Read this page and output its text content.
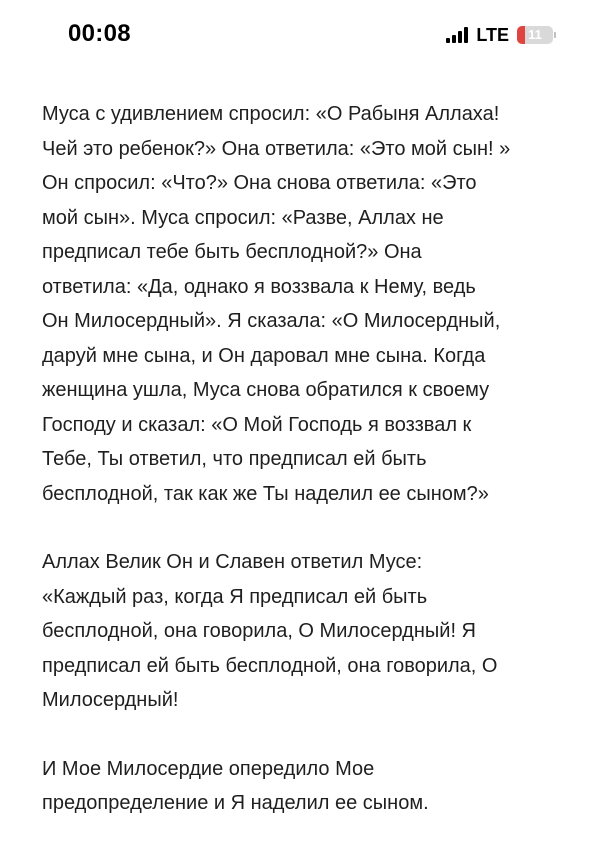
00:08	LTE	11

Муса с удивлением спросил: «О Рабыня Аллаха!
Чей это ребенок?» Она ответила: «Это мой сын! »
Он спросил: «Что?» Она снова ответила: «Это
мой сын». Муса спросил: «Разве, Аллах не
предписал тебе быть бесплодной?» Она
ответила: «Да, однако я воззвала к Нему, ведь
Он Милосердный». Я сказала: «О Милосердный,
даруй мне сына, и Он даровал мне сына. Когда
женщина ушла, Муса снова обратился к своему
Господу и сказал: «О Мой Господь я воззвал к
Тебе, Ты ответил, что предписал ей быть
бесплодной, так как же Ты наделил ее сыном?»

Аллах Велик Он и Славен ответил Мусе:
«Каждый раз, когда Я предписал ей быть
бесплодной, она говорила, О Милосердный! Я
предписал ей быть бесплодной, она говорила, О
Милосердный!

И Мое Милосердие опередило Мое
предопределение и Я наделил ее сыном.
